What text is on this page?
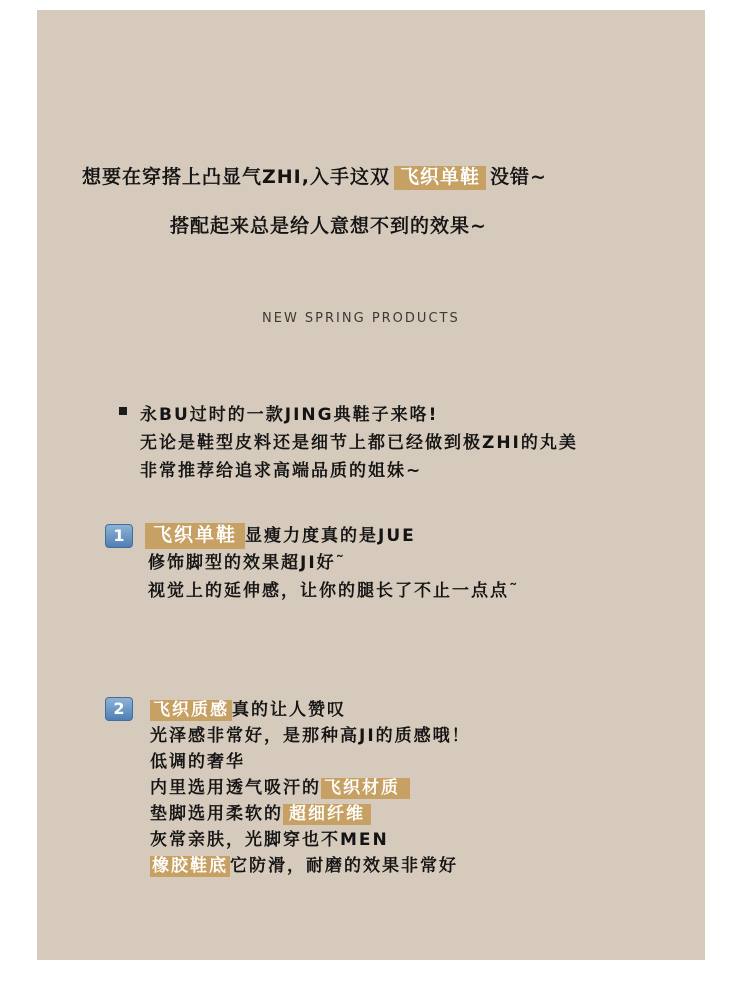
想要在穿搭上凸显气ZHI,入手这双 飞织单鞋 没错~
搭配起来总是给人意想不到的效果~
NEW SPRING PRODUCTS
永BU过时的一款JING典鞋子来咯!
无论是鞋型皮料还是细节上都已经做到极ZHI的丸美
非常推荐给追求高端品质的姐妹~
1	飞织单鞋 显瘦力度真的是JUE
修饰脚型的效果超JI好˜
视觉上的延伸感，让你的腿长了不止一点点˜
2	飞织质感 真的让人赞叹
光泽感非常好，是那种高JI的质感哦！
低调的奢华
内里选用透气吸汗的 飞织材质
垫脚选用柔软的 超细纤维
灰常亲肤，光脚穿也不MEN
橡胶鞋底 它防滑，耐磨的效果非常好
